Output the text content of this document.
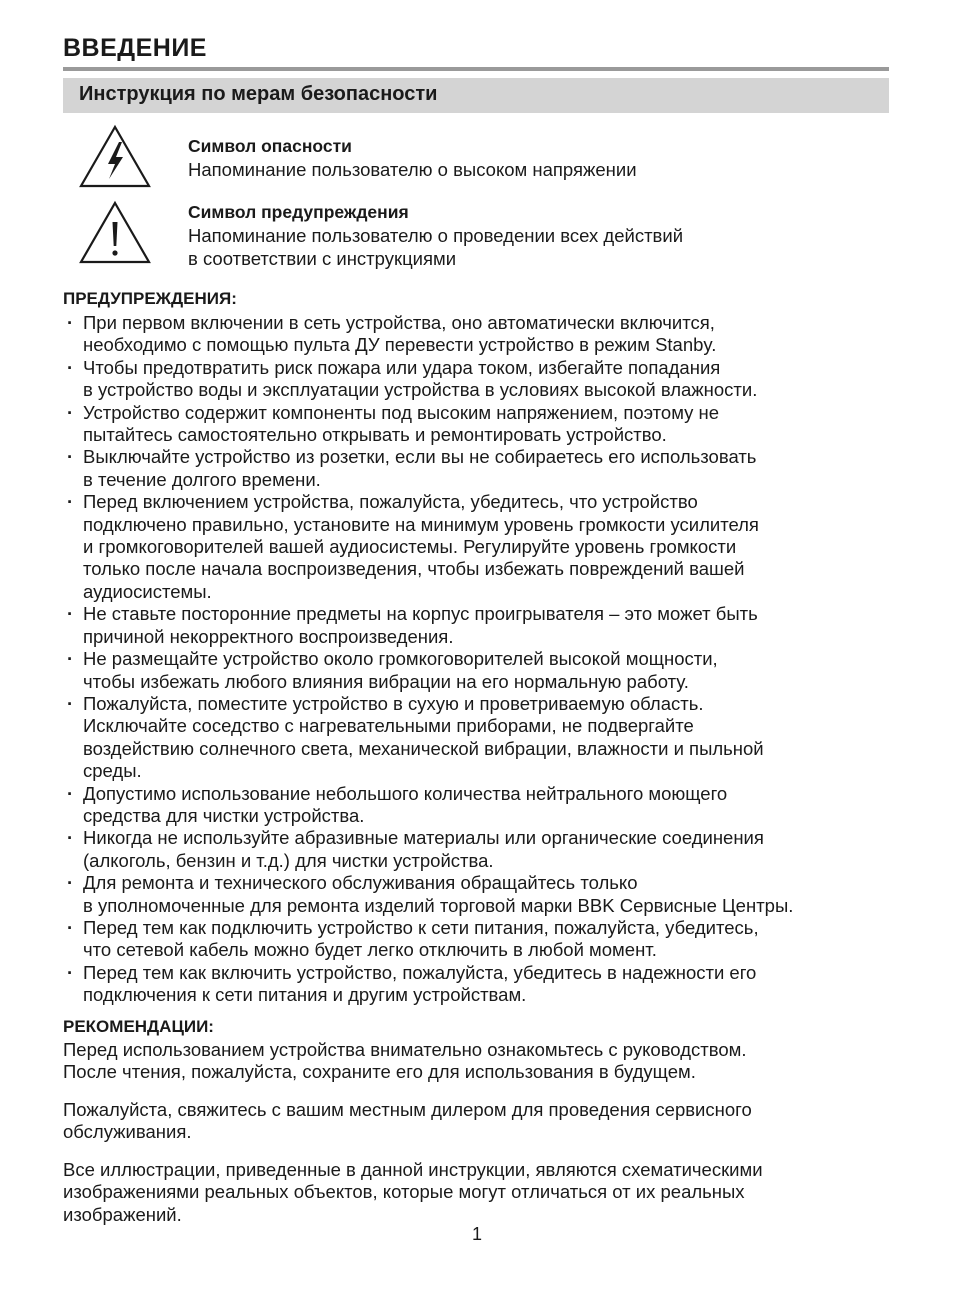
ВВЕДЕНИЕ
Инструкция по мерам безопасности
Символ опасности
Напоминание пользователю о высоком напряжении
Символ предупреждения
Напоминание пользователю о проведении всех действий
в соответствии с инструкциями
ПРЕДУПРЕЖДЕНИЯ:
· При первом включении в сеть устройства, оно автоматически включится,
необходимо с помощью пульта ДУ перевести устройство в режим Stanby.
· Чтобы предотвратить риск пожара или удара током, избегайте попадания
в устройство воды и эксплуатации устройства в условиях высокой влажности.
· Устройство содержит компоненты под высоким напряжением, поэтому не
пытайтесь самостоятельно открывать и ремонтировать устройство.
· Выключайте устройство из розетки, если вы не собираетесь его использовать
в течение долгого времени.
· Перед включением устройства, пожалуйста, убедитесь, что устройство
подключено правильно, установите на минимум уровень громкости усилителя
и громкоговорителей вашей аудиосистемы. Регулируйте уровень громкости
только после начала воспроизведения, чтобы избежать повреждений вашей
аудиосистемы.
· Не ставьте посторонние предметы на корпус проигрывателя – это может быть
причиной некорректного воспроизведения.
· Не размещайте устройство около громкоговорителей высокой мощности,
чтобы избежать любого влияния вибрации на его нормальную работу.
· Пожалуйста, поместите устройство в сухую и проветриваемую область.
Исключайте соседство с нагревательными приборами, не подвергайте
воздействию солнечного света, механической вибрации, влажности и пыльной
среды.
· Допустимо использование небольшого количества нейтрального моющего
средства для чистки устройства.
· Никогда не используйте абразивные материалы или органические соединения
(алкоголь, бензин и т.д.) для чистки устройства.
· Для ремонта и технического обслуживания обращайтесь только
в уполномоченные для ремонта изделий торговой марки BBK Сервисные Центры.
· Перед тем как подключить устройство к сети питания, пожалуйста, убедитесь,
что сетевой кабель можно будет легко отключить в любой момент.
· Перед тем как включить устройство, пожалуйста, убедитесь в надежности его
подключения к сети питания и другим устройствам.
РЕКОМЕНДАЦИИ:
Перед использованием устройства внимательно ознакомьтесь с руководством.
После чтения, пожалуйста, сохраните его для использования в будущем.
Пожалуйста, свяжитесь с вашим местным дилером для проведения сервисного
обслуживания.
Все иллюстрации, приведенные в данной инструкции, являются схематическими
изображениями реальных объектов, которые могут отличаться от их реальных
изображений.
1
